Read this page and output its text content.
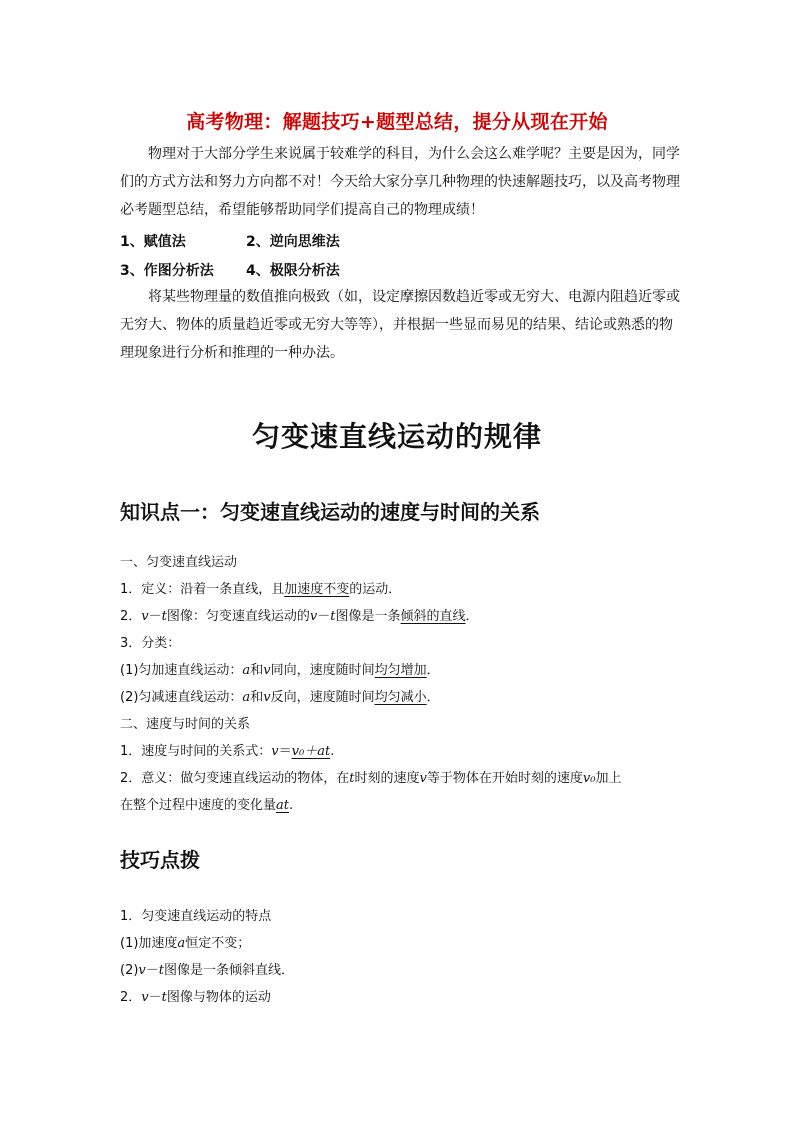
高考物理：解题技巧+题型总结，提分从现在开始
物理对于大部分学生来说属于较难学的科目，为什么会这么难学呢？主要是因为，同学
们的方式方法和努力方向都不对！今天给大家分享几种物理的快速解题技巧，以及高考物理
必考题型总结，希望能够帮助同学们提高自己的物理成绩！
1、赋值法	2、逆向思维法
3、作图分析法 4、极限分析法
将某些物理量的数值推向极致（如，设定摩擦因数趋近零或无穷大、电源内阻趋近零或
无穷大、物体的质量趋近零或无穷大等等），并根据一些显而易见的结果、结论或熟悉的物
理现象进行分析和推理的一种办法。
匀变速直线运动的规律
知识点一：匀变速直线运动的速度与时间的关系
一、匀变速直线运动
1．定义：沿着一条直线，且加速度不变的运动．
2．v－t图像：匀变速直线运动的v－t图像是一条倾斜的直线．
3．分类：
(1)匀加速直线运动：a和v同向，速度随时间均匀增加．
(2)匀减速直线运动：a和v反向，速度随时间均匀减小．
二、速度与时间的关系
1．速度与时间的关系式：v＝v₀＋at.
2．意义：做匀变速直线运动的物体，在t时刻的速度v等于物体在开始时刻的速度v₀加上
在整个过程中速度的变化量at.
技巧点拨
1．匀变速直线运动的特点
(1)加速度a恒定不变；
(2)v－t图像是一条倾斜直线．
2．v－t图像与物体的运动
